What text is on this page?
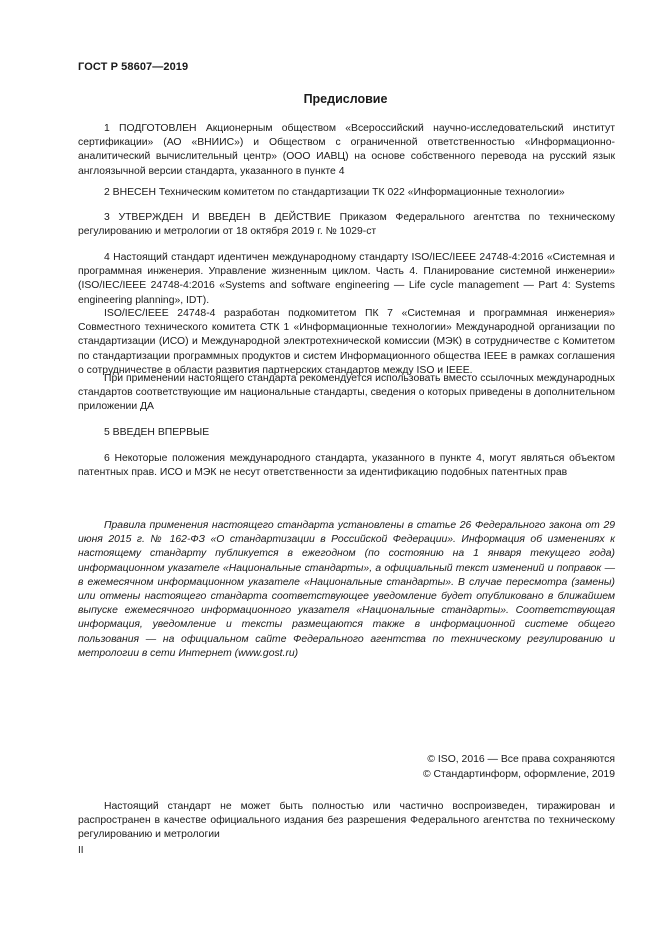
ГОСТ Р 58607—2019
Предисловие

1 ПОДГОТОВЛЕН Акционерным обществом «Всероссийский научно-исследовательский институт сертификации» (АО «ВНИИС») и Обществом с ограниченной ответственностью «Информационно-аналитический вычислительный центр» (ООО ИАВЦ) на основе собственного перевода на русский язык англоязычной версии стандарта, указанного в пункте 4

2 ВНЕСЕН Техническим комитетом по стандартизации ТК 022 «Информационные технологии»

3 УТВЕРЖДЕН И ВВЕДЕН В ДЕЙСТВИЕ Приказом Федерального агентства по техническому регулированию и метрологии от 18 октября 2019 г. № 1029-ст

4 Настоящий стандарт идентичен международному стандарту ISO/IEC/IEEE 24748-4:2016 «Системная и программная инженерия. Управление жизненным циклом. Часть 4. Планирование системной инженерии» (ISO/IEC/IEEE 24748-4:2016 «Systems and software engineering — Life cycle management — Part 4: Systems engineering planning», IDT).

ISO/IEC/IEEE 24748-4 разработан подкомитетом ПК 7 «Системная и программная инженерия» Совместного технического комитета СТК 1 «Информационные технологии» Международной организации по стандартизации (ИСО) и Международной электротехнической комиссии (МЭК) в сотрудничестве с Комитетом по стандартизации программных продуктов и систем Информационного общества IEEE в рамках соглашения о сотрудничестве в области развития партнерских стандартов между ISO и IEEE.

При применении настоящего стандарта рекомендуется использовать вместо ссылочных международных стандартов соответствующие им национальные стандарты, сведения о которых приведены в дополнительном приложении ДА

5 ВВЕДЕН ВПЕРВЫЕ

6 Некоторые положения международного стандарта, указанного в пункте 4, могут являться объектом патентных прав. ИСО и МЭК не несут ответственности за идентификацию подобных патентных прав

Правила применения настоящего стандарта установлены в статье 26 Федерального закона от 29 июня 2015 г. № 162-ФЗ «О стандартизации в Российской Федерации». Информация об изменениях к настоящему стандарту публикуется в ежегодном (по состоянию на 1 января текущего года) информационном указателе «Национальные стандарты», а официальный текст изменений и поправок — в ежемесячном информационном указателе «Национальные стандарты». В случае пересмотра (замены) или отмены настоящего стандарта соответствующее уведомление будет опубликовано в ближайшем выпуске ежемесячного информационного указателя «Национальные стандарты». Соответствующая информация, уведомление и тексты размещаются также в информационной системе общего пользования — на официальном сайте Федерального агентства по техническому регулированию и метрологии в сети Интернет (www.gost.ru)

© ISO, 2016 — Все права сохраняются
© Стандартинформ, оформление, 2019

Настоящий стандарт не может быть полностью или частично воспроизведен, тиражирован и распространен в качестве официального издания без разрешения Федерального агентства по техническому регулированию и метрологии

II
